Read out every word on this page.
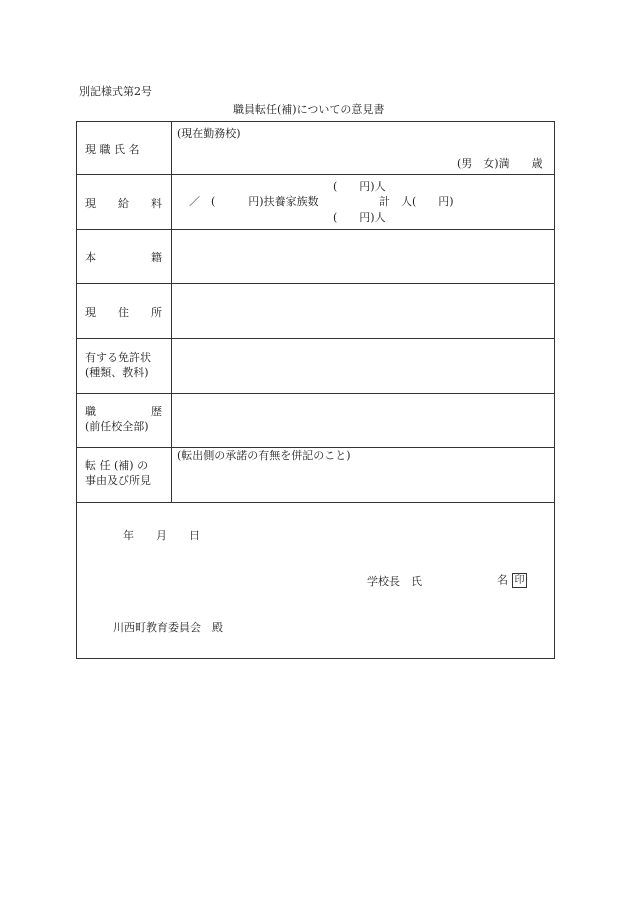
別記様式第2号
職員転任(補)についての意見書
現 職 氏 名
(現在勤務校)
(男　女)満　　歳
現　　給　　料
(　　円)人
／　(　　　円)扶養家族数	計　人(　　円)
(　　円)人
本　　　　　籍
現　　住　　所
有する免許状
(種類、教科)
職　　　　　歴
(前任校全部)
転 任 (補) の
事由及び所見
(転出側の承諾の有無を併記のこと)
年　　月　　日
学校長　氏	名 印
川西町教育委員会　殿
